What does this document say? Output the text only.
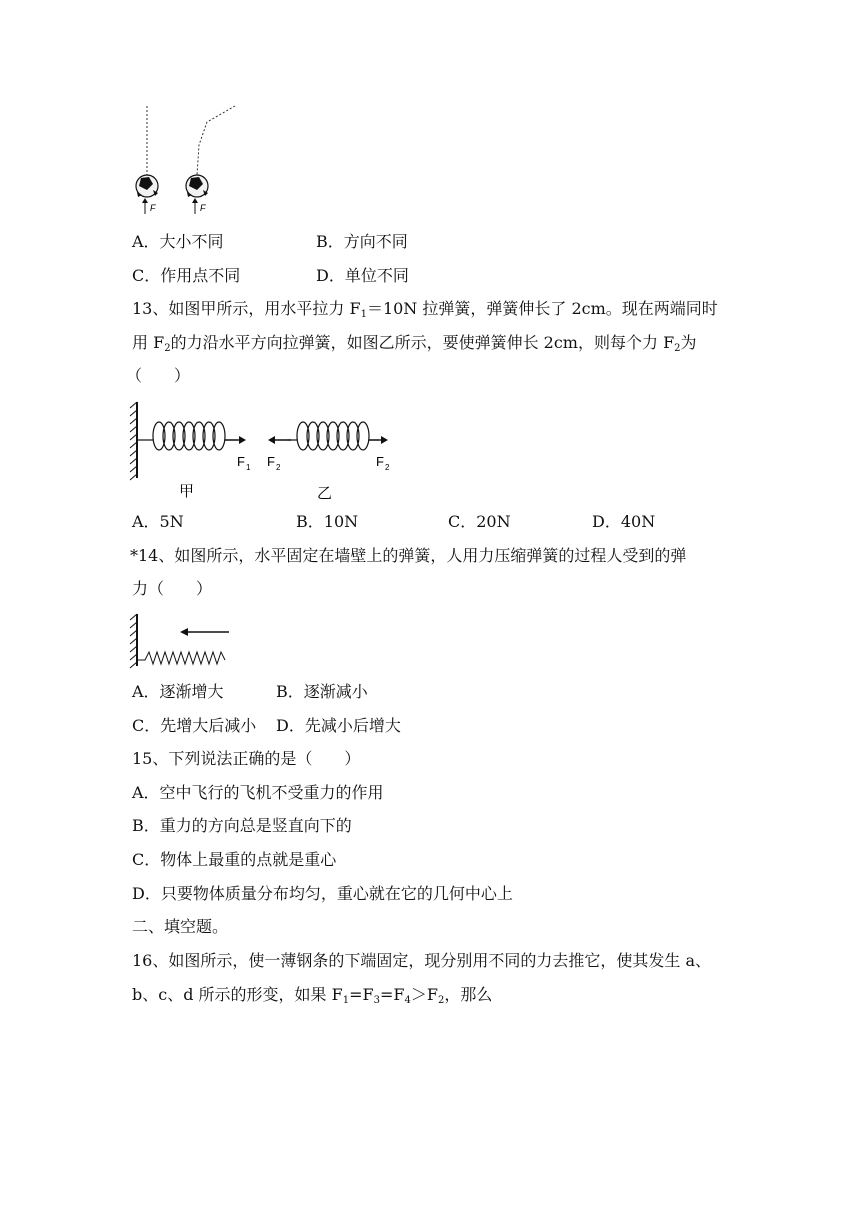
F	F
A．大小不同	B．方向不同
C．作用点不同	D．单位不同
13、如图甲所示，用水平拉力 $F_1=10N$ 拉弹簧，弹簧伸长了 2cm。现在两端同时
用 $F_2$的力沿水平方向拉弹簧，如图乙所示，要使弹簧伸长 2cm，则每个力 $F_2$为
（　　）
F 1 F 2	F 2
甲	乙
A．5N	B．10N	C．20N	D．40N
*14、如图所示，水平固定在墙壁上的弹簧，人用力压缩弹簧的过程人受到的弹
力（　　）
A．逐渐增大	B．逐渐减小
C．先增大后减小 D．先减小后增大
15、下列说法正确的是（　　）
A．空中飞行的飞机不受重力的作用
B．重力的方向总是竖直向下的
C．物体上最重的点就是重心
D．只要物体质量分布均匀，重心就在它的几何中心上
二、填空题。
16、如图所示，使一薄钢条的下端固定，现分别用不同的力去推它，使其发生 a、
b、c、d 所示的形变，如果 $F_1=F_3=F_4>F_2$，那么
